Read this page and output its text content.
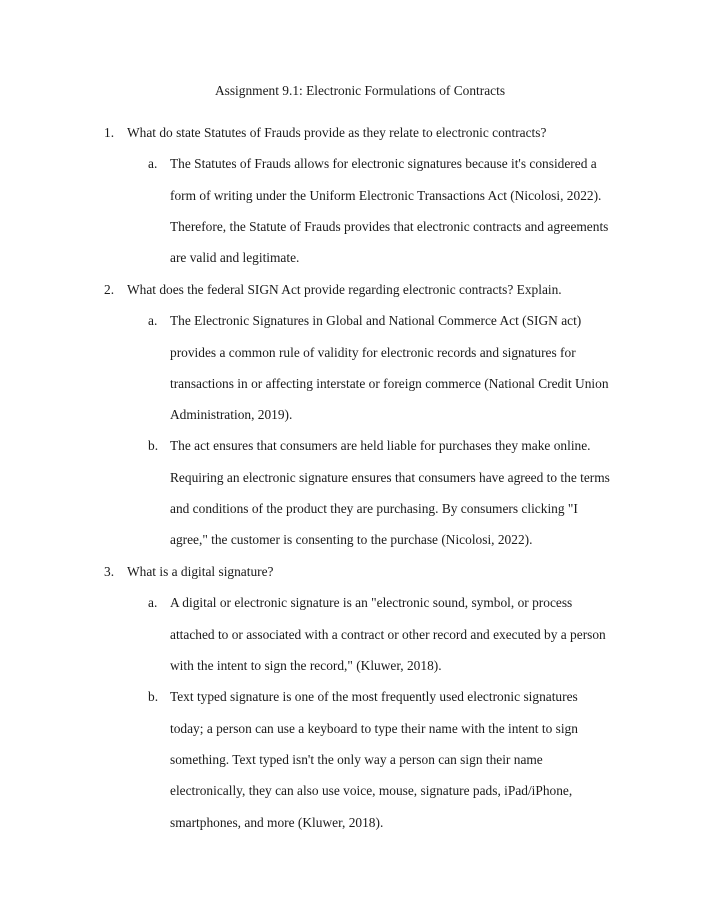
Assignment 9.1: Electronic Formulations of Contracts
1. What do state Statutes of Frauds provide as they relate to electronic contracts?
a. The Statutes of Frauds allows for electronic signatures because it's considered a
form of writing under the Uniform Electronic Transactions Act (Nicolosi, 2022).
Therefore, the Statute of Frauds provides that electronic contracts and agreements
are valid and legitimate.
2. What does the federal SIGN Act provide regarding electronic contracts? Explain.
a. The Electronic Signatures in Global and National Commerce Act (SIGN act)
provides a common rule of validity for electronic records and signatures for
transactions in or affecting interstate or foreign commerce (National Credit Union
Administration, 2019).
b. The act ensures that consumers are held liable for purchases they make online.
Requiring an electronic signature ensures that consumers have agreed to the terms
and conditions of the product they are purchasing. By consumers clicking "I
agree," the customer is consenting to the purchase (Nicolosi, 2022).
3. What is a digital signature?
a. A digital or electronic signature is an "electronic sound, symbol, or process
attached to or associated with a contract or other record and executed by a person
with the intent to sign the record," (Kluwer, 2018).
b. Text typed signature is one of the most frequently used electronic signatures
today; a person can use a keyboard to type their name with the intent to sign
something. Text typed isn't the only way a person can sign their name
electronically, they can also use voice, mouse, signature pads, iPad/iPhone,
smartphones, and more (Kluwer, 2018).
